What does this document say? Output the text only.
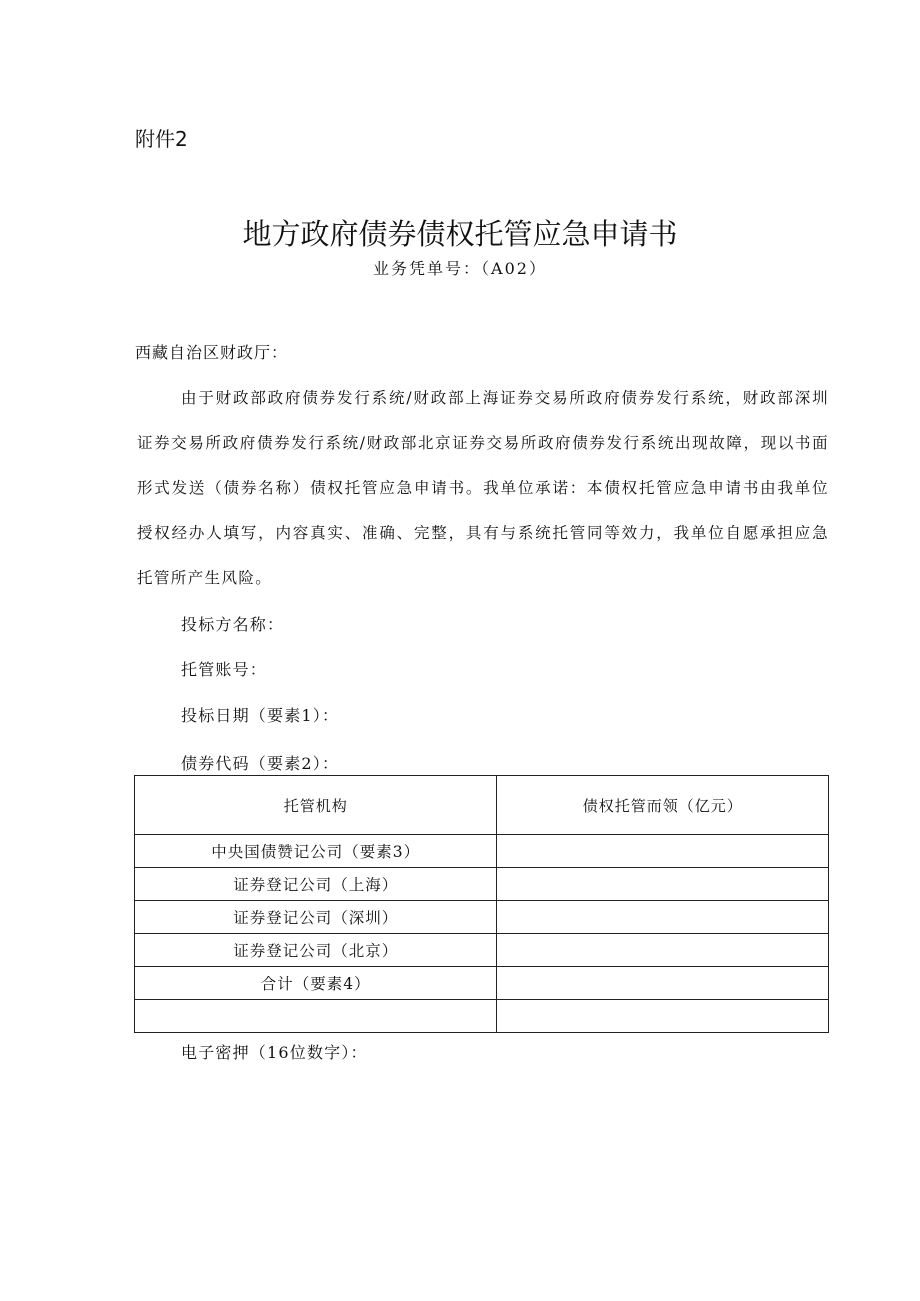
附件2
地方政府债券债权托管应急申请书
业务凭单号：（A02）
西藏自治区财政厅：
由于财政部政府债券发行系统/财政部上海证券交易所政府债券发行系统，财政部深圳证券交易所政府债券发行系统/财政部北京证券交易所政府债券发行系统出现故障，现以书面形式发送（债券名称）债权托管应急申请书。我单位承诺：本债权托管应急申请书由我单位授权经办人填写，内容真实、准确、完整，具有与系统托管同等效力，我单位自愿承担应急托管所产生风险。
投标方名称：
托管账号：
投标日期（要素1）：
债券代码（要素2）：
托管机构	债权托管而领（亿元）
中央国债赞记公司（要素3）	
证券登记公司（上海）	
证券登记公司（深圳）	
证券登记公司（北京）	
合计（要素4）	

电子密押（16位数字）：
